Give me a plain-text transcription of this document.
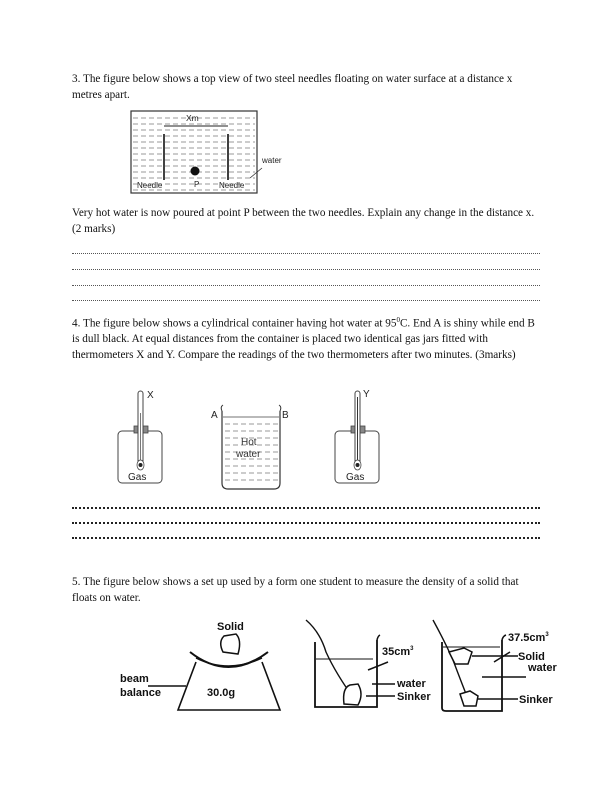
3. The figure below shows a top view of two steel needles floating on water surface at a distance x metres apart.
Xm
P
Needle	Needle
water
Very hot water is now poured at point P between the two needles. Explain any change in the distance x. (2 marks)
4. The figure below shows a cylindrical container having hot water at $95^0C$. End A is shiny while end B is dull black. At equal distances from the container is placed two identical gas jars fitted with thermometers X and Y. Compare the readings of the two thermometers after two minutes. (3marks)
X
Gas
A	B
Hot
water
Y
Gas
5. The figure below shows a set up used by a form one student to measure the density of a solid that floats on water.
Solid
beam
balance	30.0g
$35cm^3$
water
Sinker
$37.5cm^3$
Solid
water
Sinker
